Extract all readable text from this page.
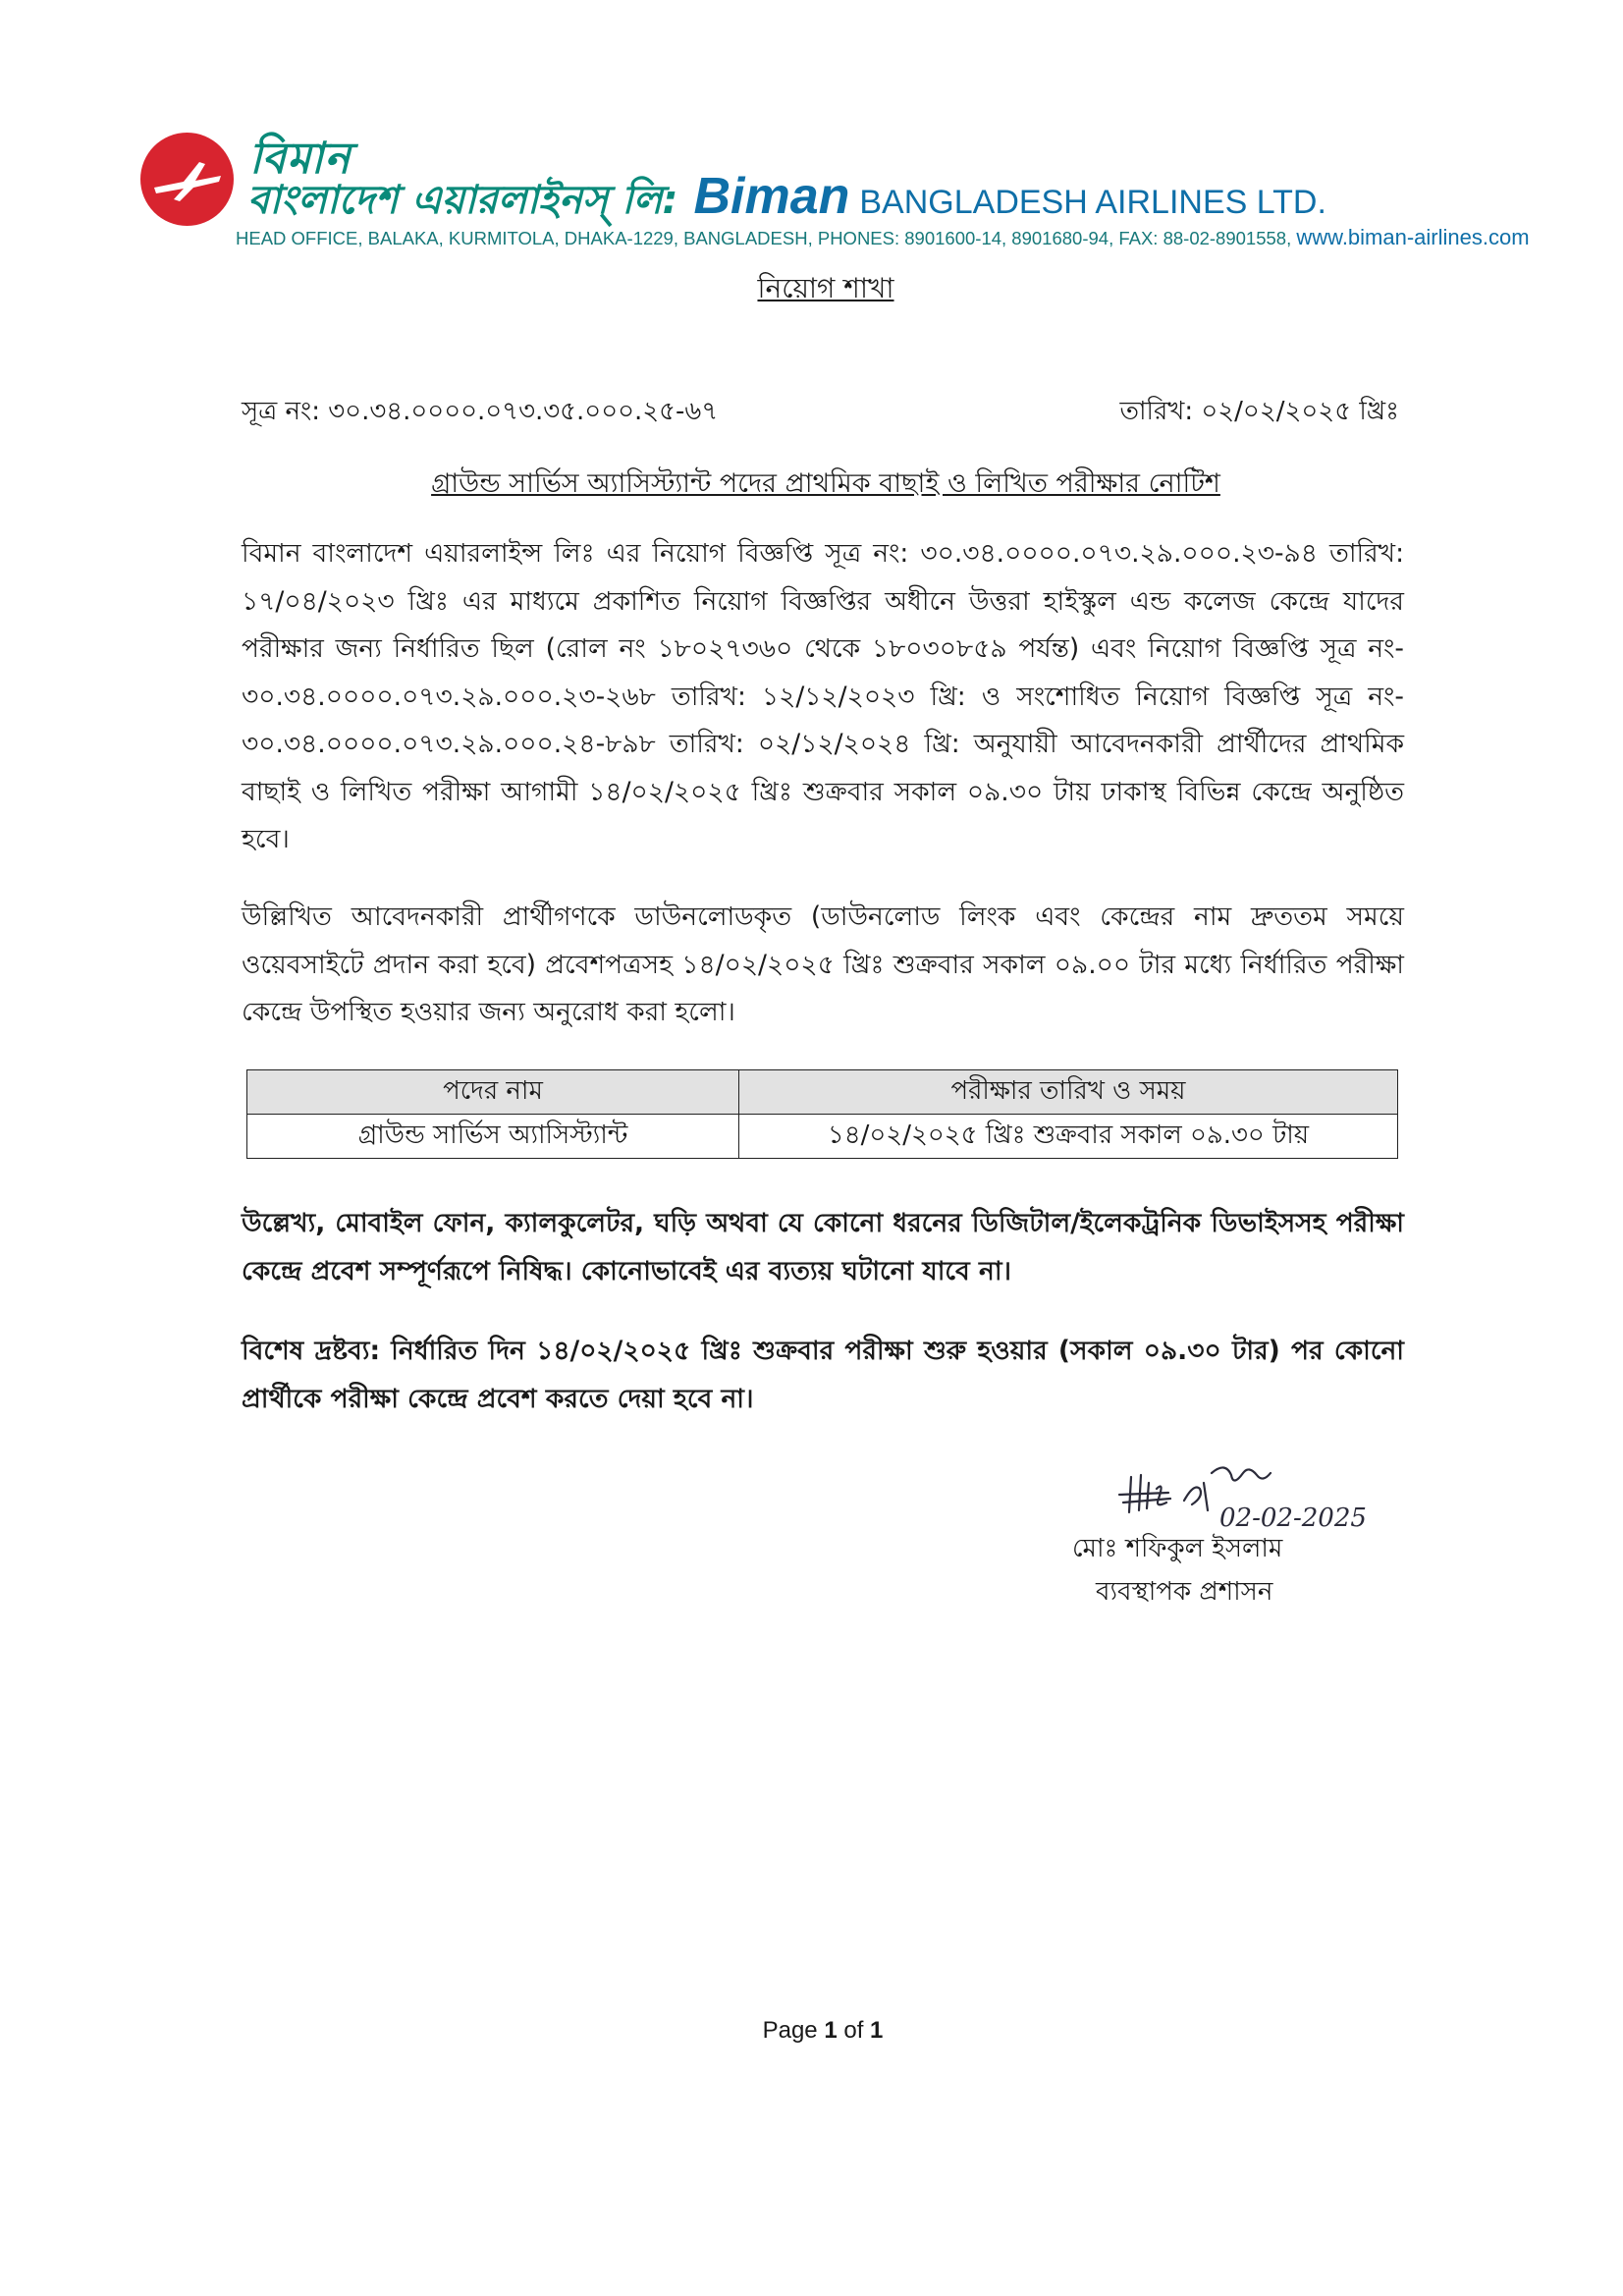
বিমান
বাংলাদেশ এয়ারলাইনস্ লি: Biman BANGLADESH AIRLINES LTD.
HEAD OFFICE, BALAKA, KURMITOLA, DHAKA-1229, BANGLADESH, PHONES: 8901600-14, 8901680-94, FAX: 88-02-8901558, www.biman-airlines.com
নিয়োগ শাখা
সূত্র নং: ৩০.৩৪.০০০০.০৭৩.৩৫.০০০.২৫-৬৭	তারিখ: ০২/০২/২০২৫ খ্রিঃ
গ্রাউন্ড সার্ভিস অ্যাসিস্ট্যান্ট পদের প্রাথমিক বাছাই ও লিখিত পরীক্ষার নোটিশ
বিমান বাংলাদেশ এয়ারলাইন্স লিঃ এর নিয়োগ বিজ্ঞপ্তি সূত্র নং: ৩০.৩৪.০০০০.০৭৩.২৯.০০০.২৩-৯৪ তারিখ: ১৭/০৪/২০২৩ খ্রিঃ এর মাধ্যমে প্রকাশিত নিয়োগ বিজ্ঞপ্তির অধীনে উত্তরা হাইস্কুল এন্ড কলেজ কেন্দ্রে যাদের পরীক্ষার জন্য নির্ধারিত ছিল (রোল নং ১৮০২৭৩৬০ থেকে ১৮০৩০৮৫৯ পর্যন্ত) এবং নিয়োগ বিজ্ঞপ্তি সূত্র নং- ৩০.৩৪.০০০০.০৭৩.২৯.০০০.২৩-২৬৮ তারিখ: ১২/১২/২০২৩ খ্রি: ও সংশোধিত নিয়োগ বিজ্ঞপ্তি সূত্র নং- ৩০.৩৪.০০০০.০৭৩.২৯.০০০.২৪-৮৯৮ তারিখ: ০২/১২/২০২৪ খ্রি: অনুযায়ী আবেদনকারী প্রার্থীদের প্রাথমিক বাছাই ও লিখিত পরীক্ষা আগামী ১৪/০২/২০২৫ খ্রিঃ শুক্রবার সকাল ০৯.৩০ টায় ঢাকাস্থ বিভিন্ন কেন্দ্রে অনুষ্ঠিত হবে।
উল্লিখিত আবেদনকারী প্রার্থীগণকে ডাউনলোডকৃত (ডাউনলোড লিংক এবং কেন্দ্রের নাম দ্রুততম সময়ে ওয়েবসাইটে প্রদান করা হবে) প্রবেশপত্রসহ ১৪/০২/২০২৫ খ্রিঃ শুক্রবার সকাল ০৯.০০ টার মধ্যে নির্ধারিত পরীক্ষা কেন্দ্রে উপস্থিত হওয়ার জন্য অনুরোধ করা হলো।
পদের নাম	পরীক্ষার তারিখ ও সময়
গ্রাউন্ড সার্ভিস অ্যাসিস্ট্যান্ট	১৪/০২/২০২৫ খ্রিঃ শুক্রবার সকাল ০৯.৩০ টায়
উল্লেখ্য, মোবাইল ফোন, ক্যালকুলেটর, ঘড়ি অথবা যে কোনো ধরনের ডিজিটাল/ইলেকট্রনিক ডিভাইসসহ পরীক্ষা কেন্দ্রে প্রবেশ সম্পূর্ণরূপে নিষিদ্ধ। কোনোভাবেই এর ব্যত্যয় ঘটানো যাবে না।
বিশেষ দ্রষ্টব্য: নির্ধারিত দিন ১৪/০২/২০২৫ খ্রিঃ শুক্রবার পরীক্ষা শুরু হওয়ার (সকাল ০৯.৩০ টার) পর কোনো প্রার্থীকে পরীক্ষা কেন্দ্রে প্রবেশ করতে দেয়া হবে না।
02-02-2025
মোঃ শফিকুল ইসলাম
ব্যবস্থাপক প্রশাসন
Page 1 of 1
